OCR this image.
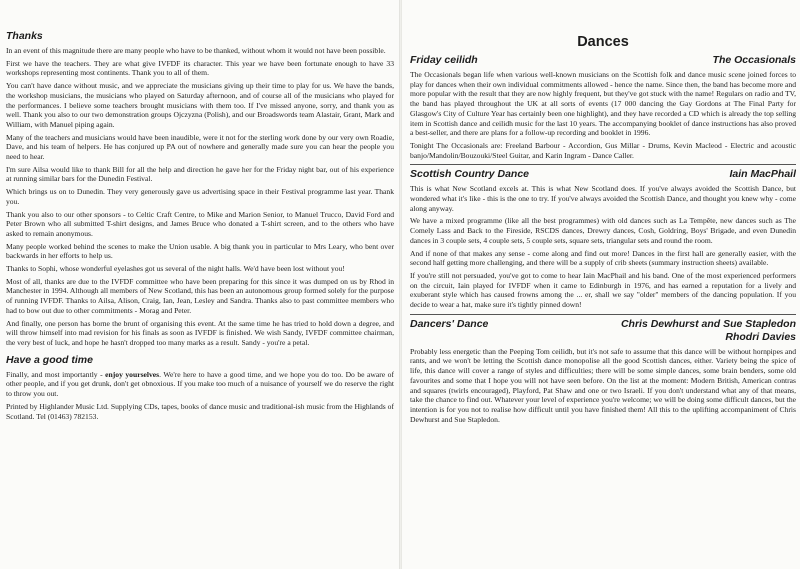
Thanks

In an event of this magnitude there are many people who have to be thanked, without whom it would not have been possible.

First we have the teachers. They are what give IVFDF its character. This year we have been fortunate enough to have 33 workshops representing most continents. Thank you to all of them.

You can't have dance without music, and we appreciate the musicians giving up their time to play for us. We have the bands, the workshop musicians, the musicians who played on Saturday afternoon, and of course all of the musicians who played for the performances. I believe some teachers brought musicians with them too. If I've missed anyone, sorry, and thank you as well. Thank you also to our two demonstration groups Ojczyzna (Polish), and our Broadswords team Alastair, Grant, Mark and William, with Manuel piping again.

Many of the teachers and musicians would have been inaudible, were it not for the sterling work done by our very own Roadie, Dave, and his team of helpers. He has conjured up PA out of nowhere and generally made sure you can hear the people you need to hear.

I'm sure Ailsa would like to thank Bill for all the help and direction he gave her for the Friday night bar, out of his experience at running similar bars for the Dunedin Festival.

Which brings us on to Dunedin. They very generously gave us advertising space in their Festival programme last year. Thank you.

Thank you also to our other sponsors - to Celtic Craft Centre, to Mike and Marion Senior, to Manuel Trucco, David Ford and Peter Brown who all submitted T-shirt designs, and James Bruce who donated a T-shirt screen, and to the others who have asked to remain anonymous.

Many people worked behind the scenes to make the Union usable. A big thank you in particular to Mrs Leary, who bent over backwards in her efforts to help us.

Thanks to Sophi, whose wonderful eyelashes got us several of the night halls. We'd have been lost without you!

Most of all, thanks are due to the IVFDF committee who have been preparing for this since it was dumped on us by Rhod in Manchester in 1994. Although all members of New Scotland, this has been an autonomous group formed solely for the purpose of running IVFDF. Thanks to Ailsa, Alison, Craig, Ian, Jean, Lesley and Sandra. Thanks also to past committee members who had to bow out due to other commitments - Morag and Peter.

And finally, one person has borne the brunt of organising this event. At the same time he has tried to hold down a degree, and will throw himself into mad revision for his finals as soon as IVFDF is finished. We wish Sandy, IVFDF committee chairman, the very best of luck, and hope he hasn't dropped too many marks as a result. Sandy - you're a petal.

Have a good time

Finally, and most importantly - enjoy yourselves. We're here to have a good time, and we hope you do too. Do be aware of other people, and if you get drunk, don't get obnoxious. If you make too much of a nuisance of yourself we do reserve the right to throw you out.

Printed by Highlander Music Ltd. Supplying CDs, tapes, books of dance music and traditional-ish music from the Highlands of Scotland. Tel (01463) 782153.

Dances
Friday ceilidh	The Occasionals

The Occasionals began life when various well-known musicians on the Scottish folk and dance music scene joined forces to play for dances when their own individual commitments allowed - hence the name. Since then, the band has become more and more popular with the result that they are now highly frequent, but they've got stuck with the name! Regulars on radio and TV, the band has played throughout the UK at all sorts of events (17 000 dancing the Gay Gordons at The Final Party for Glasgow's City of Culture Year has certainly been one highlight), and they have recorded a CD which is already the top selling item in Scottish dance and ceilidh music for the last 10 years. The accompanying booklet of dance instructions has also proved a best-seller, and there are plans for a follow-up recording and booklet in 1996.

Tonight The Occasionals are: Freeland Barbour - Accordion, Gus Millar - Drums, Kevin Macleod - Electric and acoustic banjo/Mandolin/Bouzouki/Steel Guitar, and Karin Ingram - Dance Caller.

Scottish Country Dance	Iain MacPhail

This is what New Scotland excels at. This is what New Scotland does. If you've always avoided the Scottish Dance, but wondered what it's like - this is the one to try. If you've always avoided the Scottish Dance, and thought you knew why - come along anyway.

We have a mixed programme (like all the best programmes) with old dances such as La Tempête, new dances such as The Comely Lass and Back to the Fireside, RSCDS dances, Drewry dances, Cosh, Goldring, Boys' Brigade, and even Dunedin dances in 3 couple sets, 4 couple sets, 5 couple sets, square sets, triangular sets and round the room.

And if none of that makes any sense - come along and find out more! Dances in the first hall are generally easier, with the second half getting more challenging, and there will be a supply of crib sheets (summary instruction sheets) available.

If you're still not persuaded, you've got to come to hear Iain MacPhail and his band. One of the most experienced performers on the circuit, Iain played for IVFDF when it came to Edinburgh in 1976, and has earned a reputation for a lively and exuberant style which has caused frowns among the ... er, shall we say "older" members of the dancing population. If you decide to wear a hat, make sure it's tightly pinned down!

Dancers' Dance	Chris Dewhurst and Sue Stapledon
Rhodri Davies

Probably less energetic than the Peeping Tom ceilidh, but it's not safe to assume that this dance will be without hornpipes and rants, and we won't be letting the Scottish dance monopolise all the good Scottish dances, either. Variety being the spice of life, this dance will cover a range of styles and difficulties; there will be some simple dances, some brain benders, some old favourites and some that I hope you will not have seen before. On the list at the moment: Modern British, American contras and squares (twirls encouraged), Playford, Pat Shaw and one or two Israeli. If you don't understand what any of that means, take the chance to find out. Whatever your level of experience you're welcome; we will be doing some difficult dances, but the intention is for you not to realise how difficult until you have finished them! All this to the uplifting accompaniment of Chris Dewhurst and Sue Stapledon.
